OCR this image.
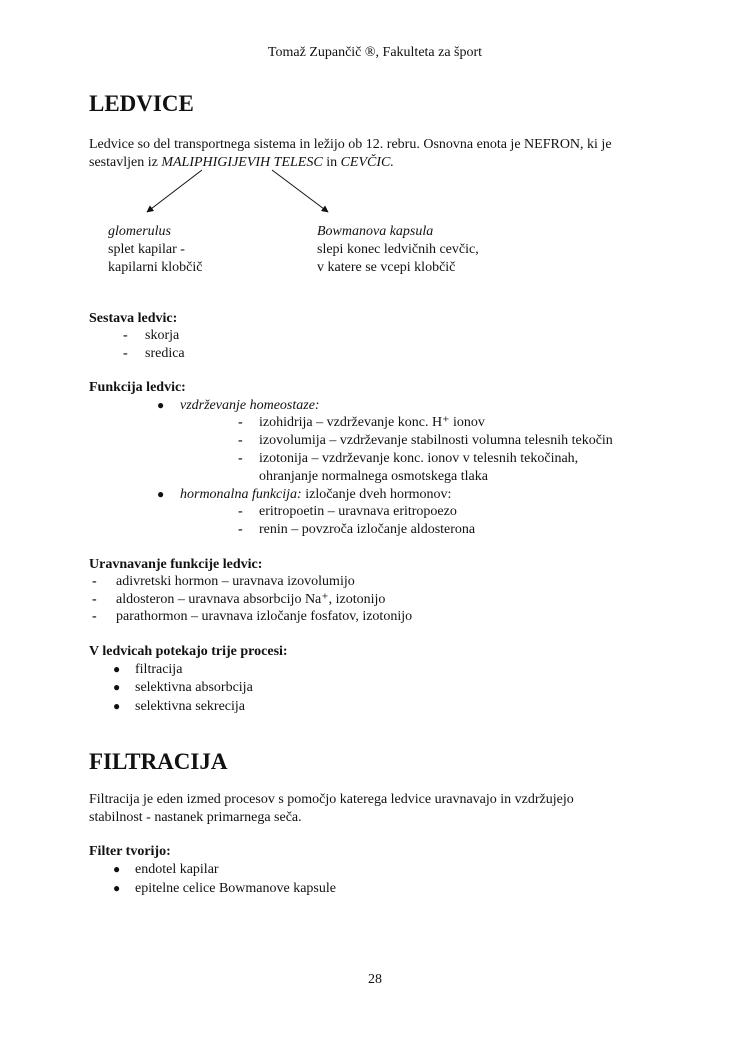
Tomaž Zupančič ®, Fakulteta za šport
LEDVICE
Ledvice so del transportnega sistema in ležijo ob 12. rebru. Osnovna enota je NEFRON, ki je
sestavljen iz MALIPHIGIJEVIH TELESC in CEVČIC.
glomerulus
splet kapilar -
kapilarni klobčič
Bowmanova kapsula
slepi konec ledvičnih cevčic,
v katere se vcepi klobčič
Sestava ledvic:
- skorja
- sredica
Funkcija ledvic:
● vzdrževanje homeostaze:
- izohidrija – vzdrževanje konc. H⁺ ionov
- izovolumija – vzdrževanje stabilnosti volumna telesnih tekočin
- izotonija – vzdrževanje konc. ionov v telesnih tekočinah,
ohranjanje normalnega osmotskega tlaka
● hormonalna funkcija: izločanje dveh hormonov:
- eritropoetin – uravnava eritropoezo
- renin – povzroča izločanje aldosterona
Uravnavanje funkcije ledvic:
- adivretski hormon – uravnava izovolumijo
- aldosteron – uravnava absorbcijo Na⁺, izotonijo
- parathormon – uravnava izločanje fosfatov, izotonijo
V ledvicah potekajo trije procesi:
● filtracija
● selektivna absorbcija
● selektivna sekrecija
FILTRACIJA
Filtracija je eden izmed procesov s pomočjo katerega ledvice uravnavajo in vzdržujejo
stabilnost - nastanek primarnega seča.
Filter tvorijo:
● endotel kapilar
● epitelne celice Bowmanove kapsule
28
